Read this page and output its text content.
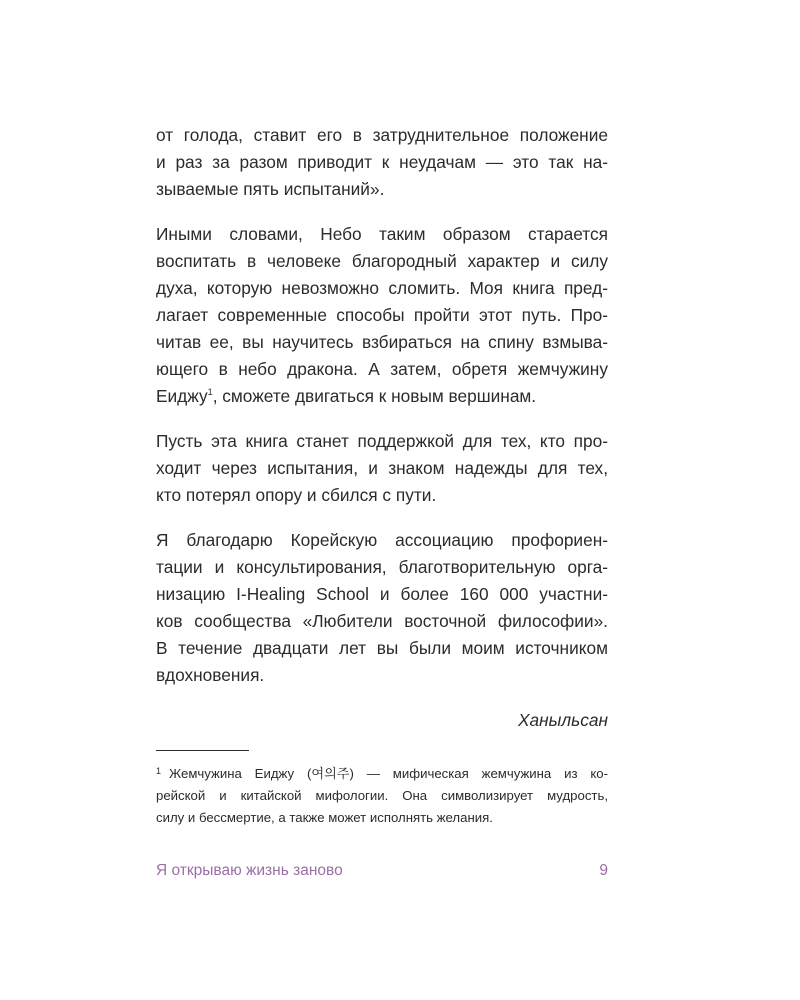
от голода, ставит его в затруднительное положение
и раз за разом приводит к неудачам — это так на-
зываемые пять испытаний».

Иными словами, Небо таким образом старается
воспитать в человеке благородный характер и силу
духа, которую невозможно сломить. Моя книга пред-
лагает современные способы пройти этот путь. Про-
читав ее, вы научитесь взбираться на спину взмыва-
ющего в небо дракона. А затем, обретя жемчужину
Еиджу$^1$, сможете двигаться к новым вершинам.

Пусть эта книга станет поддержкой для тех, кто про-
ходит через испытания, и знаком надежды для тех,
кто потерял опору и сбился с пути.

Я благодарю Корейскую ассоциацию профориен-
тации и консультирования, благотворительную орга-
низацию I-Healing School и более 160 000 участни-
ков сообщества «Любители восточной философии».
В течение двадцати лет вы были моим источником
вдохновения.

Ханыльсан
$^1$ Жемчужина Еиджу (여의주) — мифическая жемчужина из ко-
рейской и китайской мифологии. Она символизирует мудрость,
силу и бессмертие, а также может исполнять желания.
Я открываю жизнь заново	9
